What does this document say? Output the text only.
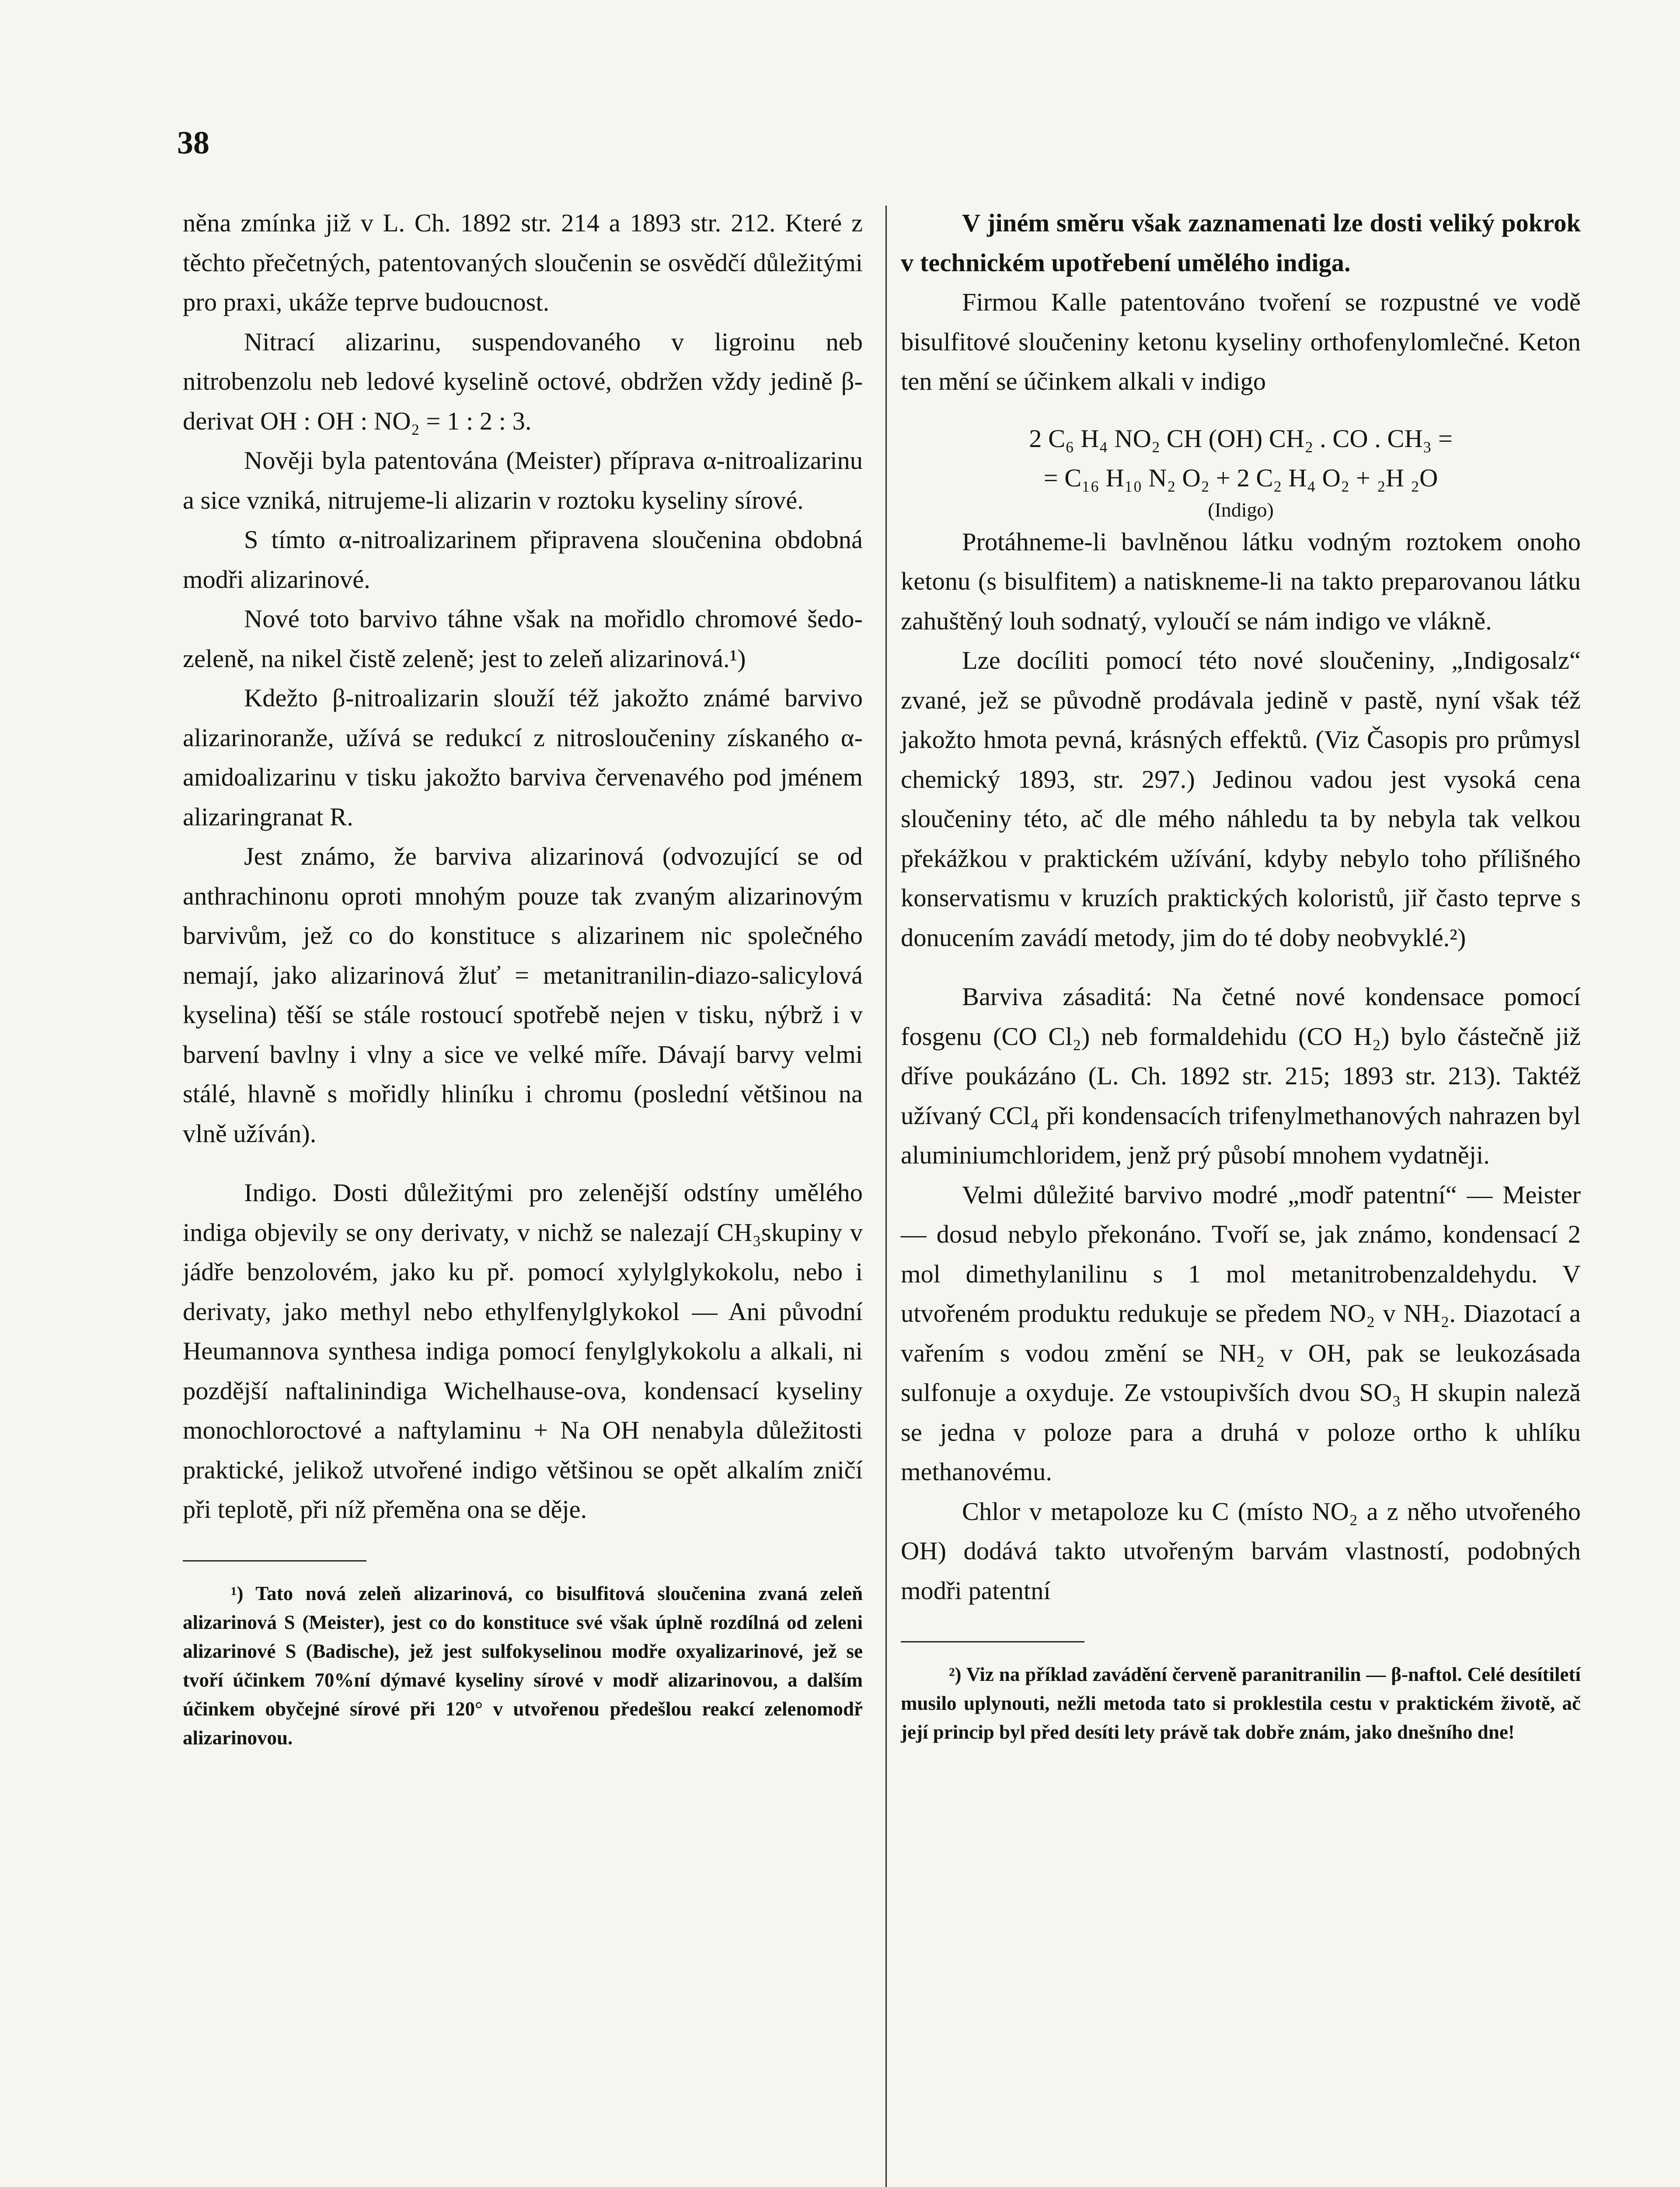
38

něna zmínka již v L. Ch. 1892 str. 214 a 1893 str. 212. Které z těchto přečetných, patentovaných sloučenin se osvědčí důležitými pro praxi, ukáže teprve budoucnost.

Nitrací alizarinu, suspendovaného v ligroinu neb nitrobenzolu neb ledové kyselině octové, obdržen vždy jedině β-derivat OH : OH : NO₂ = 1 : 2 : 3.

Nověji byla patentována (Meister) příprava α-nitroalizarinu a sice vzniká, nitrujeme-li alizarin v roztoku kyseliny sírové.

S tímto α-nitroalizarinem připravena sloučenina obdobná modři alizarinové.

Nové toto barvivo táhne však na mořidlo chromové šedo-zeleně, na nikel čistě zeleně; jest to zeleň alizarinová.¹)

Kdežto β-nitroalizarin slouží též jakožto známé barvivo alizarinoranže, užívá se redukcí z nitrosloučeniny získaného α-amidoalizarinu v tisku jakožto barviva červenavého pod jménem alizaringranat R.

Jest známo, že barviva alizarinová (odvozující se od anthrachinonu oproti mnohým pouze tak zvaným alizarinovým barvivům, jež co do konstituce s alizarinem nic společného nemají, jako alizarinová žluť = metanitranilin-diazo-salicylová kyselina) těší se stále rostoucí spotřebě nejen v tisku, nýbrž i v barvení bavlny i vlny a sice ve velké míře. Dávají barvy velmi stálé, hlavně s mořidly hliníku i chromu (poslední většinou na vlně užíván).

Indigo. Dosti důležitými pro zelenější odstíny umělého indiga objevily se ony derivaty, v nichž se nalezají CH₃skupiny v jádře benzolovém, jako ku př. pomocí xylylglykokolu, nebo i derivaty, jako methyl nebo ethylfenylglykokol — Ani původní Heumannova synthesa indiga pomocí fenylglykokolu a alkali, ni pozdější naftalinindiga Wichelhause-ova, kondensací kyseliny monochloroctové a naftylaminu + Na OH nenabyla důležitosti praktické, jelikož utvořené indigo většinou se opět alkalím zničí při teplotě, při níž přeměna ona se děje.

¹) Tato nová zeleň alizarinová, co bisulfitová sloučenina zvaná zeleň alizarinová S (Meister), jest co do konstituce své však úplně rozdílná od zeleni alizarinové S (Badische), jež jest sulfokyselinou modře oxyalizarinové, jež se tvoří účinkem 70%ní dýmavé kyseliny sírové v modř alizarinovou, a dalším účinkem obyčejné sírové při 120° v utvořenou předešlou reakcí zelenomodř alizarinovou.

V jiném směru však zaznamenati lze dosti veliký pokrok v technickém upotřebení umělého indiga.

Firmou Kalle patentováno tvoření se rozpustné ve vodě bisulfitové sloučeniny ketonu kyseliny orthofenylomlečné. Keton ten mění se účinkem alkali v indigo

2 C₆ H₄ NO₂ CH (OH) CH₂ . CO . CH₃ =
= C₁₆ H₁₀ N₂ O₂ + 2 C₂ H₄ O₂ + ₂H ₂O
(Indigo)

Protáhneme-li bavlněnou látku vodným roztokem onoho ketonu (s bisulfitem) a natiskneme-li na takto preparovanou látku zahuštěný louh sodnatý, vyloučí se nám indigo ve vlákně.

Lze docíliti pomocí této nové sloučeniny, „Indigosalz“ zvané, jež se původně prodávala jedině v pastě, nyní však též jakožto hmota pevná, krásných effektů. (Viz Časopis pro průmysl chemický 1893, str. 297.) Jedinou vadou jest vysoká cena sloučeniny této, ač dle mého náhledu ta by nebyla tak velkou překážkou v praktickém užívání, kdyby nebylo toho přílišného konservatismu v kruzích praktických koloristů, jiř často teprve s donucením zavádí metody, jim do té doby neobvyklé.²)

Barviva zásaditá: Na četné nové kondensace pomocí fosgenu (CO Cl₂) neb formaldehidu (CO H₂) bylo částečně již dříve poukázáno (L. Ch. 1892 str. 215; 1893 str. 213). Taktéž užívaný CCl₄ při kondensacích trifenylmethanových nahrazen byl aluminiumchloridem, jenž prý působí mnohem vydatněji.

Velmi důležité barvivo modré „modř patentní“ — Meister — dosud nebylo překonáno. Tvoří se, jak známo, kondensací 2 mol dimethylanilinu s 1 mol metanitrobenzaldehydu. V utvořeném produktu redukuje se předem NO₂ v NH₂. Diazotací a vařením s vodou změní se NH₂ v OH, pak se leukozásada sulfonuje a oxyduje. Ze vstoupivších dvou SO₃ H skupin naleză se jedna v poloze para a druhá v poloze ortho k uhlíku methanovému.

Chlor v metapoloze ku C (místo NO₂ a z něho utvořeného OH) dodává takto utvořeným barvám vlastností, podobných modři patentní

²) Viz na příklad zavádění červeně paranitranilin — β-naftol. Celé desítiletí musilo uplynouti, nežli metoda tato si proklestila cestu v praktickém životě, ač její princip byl před desíti lety právě tak dobře znám, jako dnešního dne!
